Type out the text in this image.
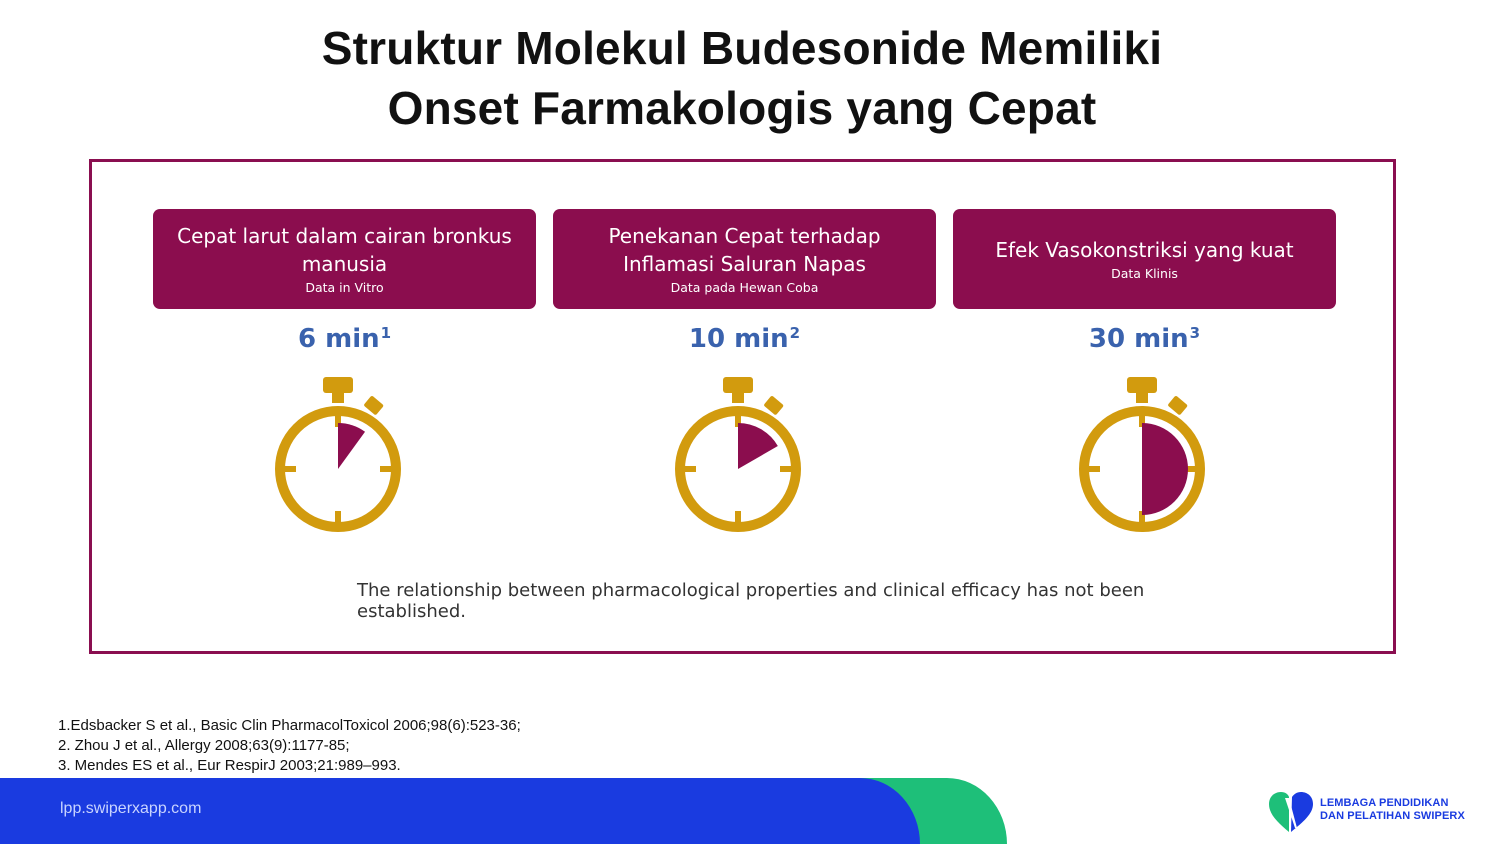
Struktur Molekul Budesonide Memiliki
Onset Farmakologis yang Cepat
Cepat larut dalam cairan bronkus
manusia
Data in Vitro
6 $\min^1$
Penekanan Cepat terhadap
Inflamasi Saluran Napas
Data pada Hewan Coba
10 $\min^2$
Efek Vasokonstriksi yang kuat
Data Klinis
30 $\min^3$
The relationship between pharmacological properties and clinical efficacy has not been established.
1.Edsbacker S et al., Basic Clin PharmacolToxicol 2006;98(6):523-36;
2. Zhou J et al., Allergy 2008;63(9):1177-85;
3. Mendes ES et al., Eur RespirJ 2003;21:989–993.
lpp.swiperxapp.com	LEMBAGA PENDIDIKAN
DAN PELATIHAN SWIPERX
